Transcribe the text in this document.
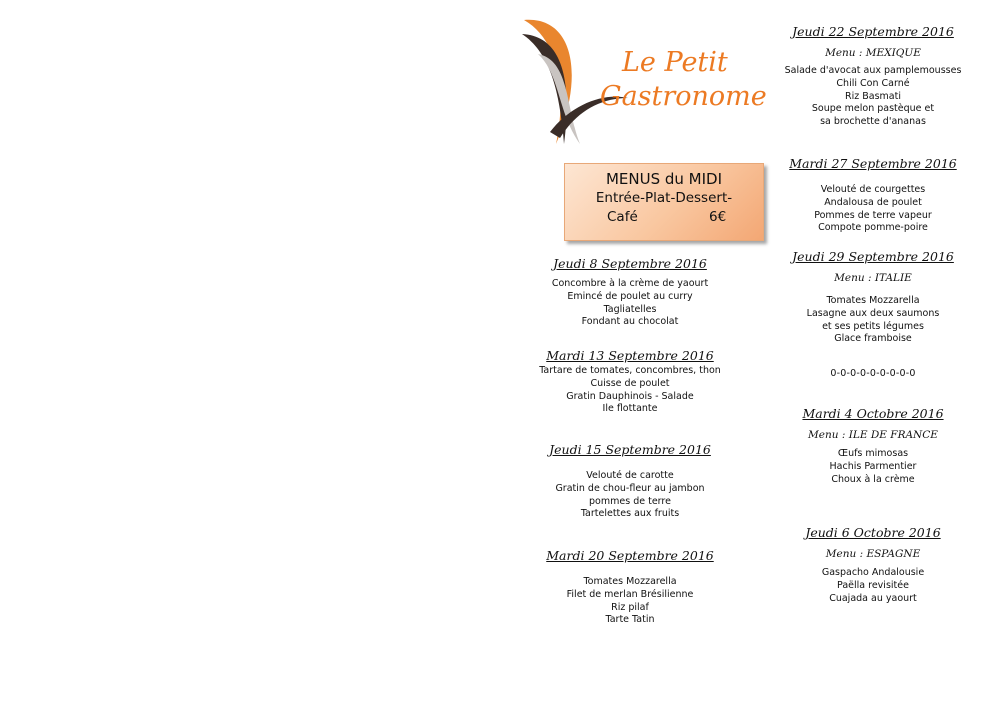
Le Petit
Gastronome
MENUS du MIDI
Entrée-Plat-Dessert-
Café	6€
Jeudi 8 Septembre 2016
Concombre à la crème de yaourt
Emincé de poulet au curry
Tagliatelles
Fondant au chocolat
Mardi 13 Septembre 2016
Tartare de tomates, concombres, thon
Cuisse de poulet
Gratin Dauphinois - Salade
Ile flottante
Jeudi 15 Septembre 2016
Velouté de carotte
Gratin de chou-fleur au jambon
pommes de terre
Tartelettes aux fruits
Mardi 20 Septembre 2016
Tomates Mozzarella
Filet de merlan Brésilienne
Riz pilaf
Tarte Tatin
Jeudi 22 Septembre 2016
Menu : MEXIQUE
Salade d'avocat aux pamplemousses
Chili Con Carné
Riz Basmati
Soupe melon pastèque et
sa brochette d'ananas
Mardi 27 Septembre 2016
Velouté de courgettes
Andalousa de poulet
Pommes de terre vapeur
Compote pomme-poire
Jeudi 29 Septembre 2016
Menu : ITALIE
Tomates Mozzarella
Lasagne aux deux saumons
et ses petits légumes
Glace framboise
0-0-0-0-0-0-0-0-0
Mardi 4 Octobre 2016
Menu : ILE DE FRANCE
Œufs mimosas
Hachis Parmentier
Choux à la crème
Jeudi 6 Octobre 2016
Menu : ESPAGNE
Gaspacho Andalousie
Paëlla revisitée
Cuajada au yaourt
